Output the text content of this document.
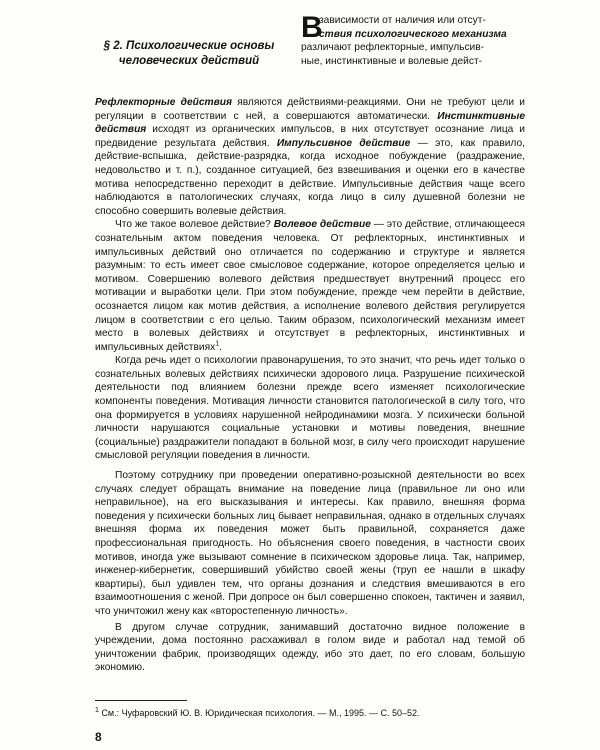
§ 2. Психологические основы человеческих действий
В

зависимости от наличия или отсут-

ствия психологического механизма

различают рефлекторные, импульсив-

ные, инстинктивные и волевые дейст-

Рефлекторные действия являются действиями-реакциями. Они не требуют цели и регуляции в соответствии с ней, а совершаются автоматически. Инстинктивные действия исходят из органических импульсов, в них отсутствует осознание лица и предвидение результата действия. Импульсивное действие — это, как правило, действие-вспышка, действие-разрядка, когда исходное побуждение (раздражение, недовольство и т. п.), созданное ситуацией, без взвешивания и оценки его в качестве мотива непосредственно переходит в действие. Импульсивные действия чаще всего наблюдаются в патологических случаях, когда лицо в силу душевной болезни не способно совершить волевые действия.

Что же такое волевое действие? Волевое действие — это действие, отличающееся сознательным актом поведения человека. От рефлекторных, инстинктивных и импульсивных действий оно отличается по содержанию и структуре и является разумным: то есть имеет свое смысловое содержание, которое определяется целью и мотивом. Совершению волевого действия предшествует внутренний процесс его мотивации и выработки цели. При этом побуждение, прежде чем перейти в действие, осознается лицом как мотив действия, а исполнение волевого действия регулируется лицом в соответствии с его целью. Таким образом, психологический механизм имеет место в волевых действиях и отсутствует в рефлекторных, инстинктивных и импульсивных действиях$^1$.

Когда речь идет о психологии правонарушения, то это значит, что речь идет только о сознательных волевых действиях психически здорового лица. Разрушение психической деятельности под влиянием болезни прежде всего изменяет психологические компоненты поведения. Мотивация личности становится патологической в силу того, что она формируется в условиях нарушенной нейродинамики мозга. У психически больной личности нарушаются социальные установки и мотивы поведения, внешние (социальные) раздражители попадают в больной мозг, в силу чего происходит нарушение смысловой регуляции поведения в личности.

Поэтому сотруднику при проведении оперативно-розыскной деятельности во всех случаях следует обращать внимание на поведение лица (правильное ли оно или неправильное), на его высказывания и интересы. Как правило, внешняя форма поведения у психически больных лиц бывает неправильная, однако в отдельных случаях внешняя форма их поведения может быть правильной, сохраняется даже профессиональная пригодность. Но объяснения своего поведения, в частности своих мотивов, иногда уже вызывают сомнение в психическом здоровье лица. Так, например, инженер-кибернетик, совершивший убийство своей жены (труп ее нашли в шкафу квартиры), был удивлен тем, что органы дознания и следствия вмешиваются в его взаимоотношения с женой. При допросе он был совершенно спокоен, тактичен и заявил, что уничтожил жену как «второстепенную личность».

В другом случае сотрудник, занимавший достаточно видное положение в учреждении, дома постоянно расхаживал в голом виде и работал над темой об уничтожении фабрик, производящих одежду, ибо это дает, по его словам, большую экономию.

$^1$ См.: Чуфаровский Ю. В. Юридическая психология. — М., 1995. — С. 50–52.
8
